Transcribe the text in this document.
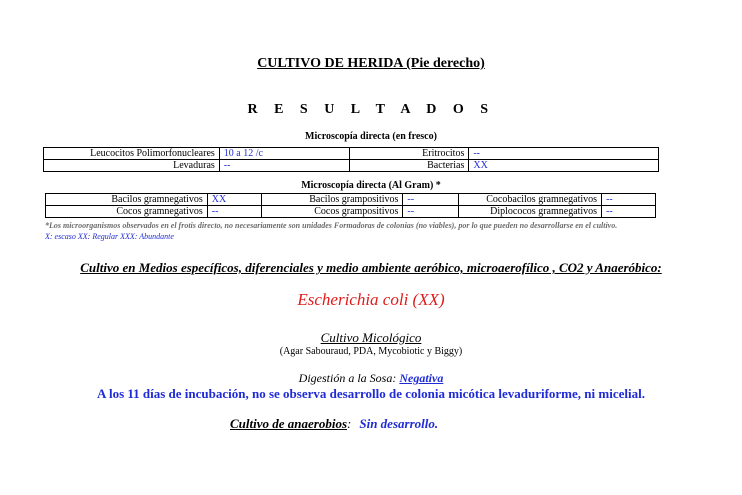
CULTIVO DE HERIDA (Pie derecho)
R E S U L T A D O S
Microscopía directa (en fresco)
Leucocitos Polimorfonucleares	10 a 12 /c	Eritrocitos	--
Levaduras	--	Bacterias	XX
Microscopía directa (Al Gram) *
Bacilos gramnegativos	XX	Bacilos grampositivos	--	Cocobacilos gramnegativos	--
Cocos gramnegativos	--	Cocos grampositivos	--	Diplococos gramnegativos	--
*Los microorganismos observados en el frotis directo, no necesariamente son unidades Formadoras de colonias (no viables), por lo que pueden no desarrollarse en el cultivo.
X: escaso XX: Regular XXX: Abundante
Cultivo en Medios específicos, diferenciales y medio ambiente aeróbico, microaerofílico , CO2 y Anaeróbico:
Escherichia coli (XX)
Cultivo Micológico
(Agar Sabouraud, PDA, Mycobiotic y Biggy)
Digestión a la Sosa: Negativa
A los 11 días de incubación, no se observa desarrollo de colonia micótica levaduriforme, ni micelial.
Cultivo de anaerobios: Sin desarrollo.
